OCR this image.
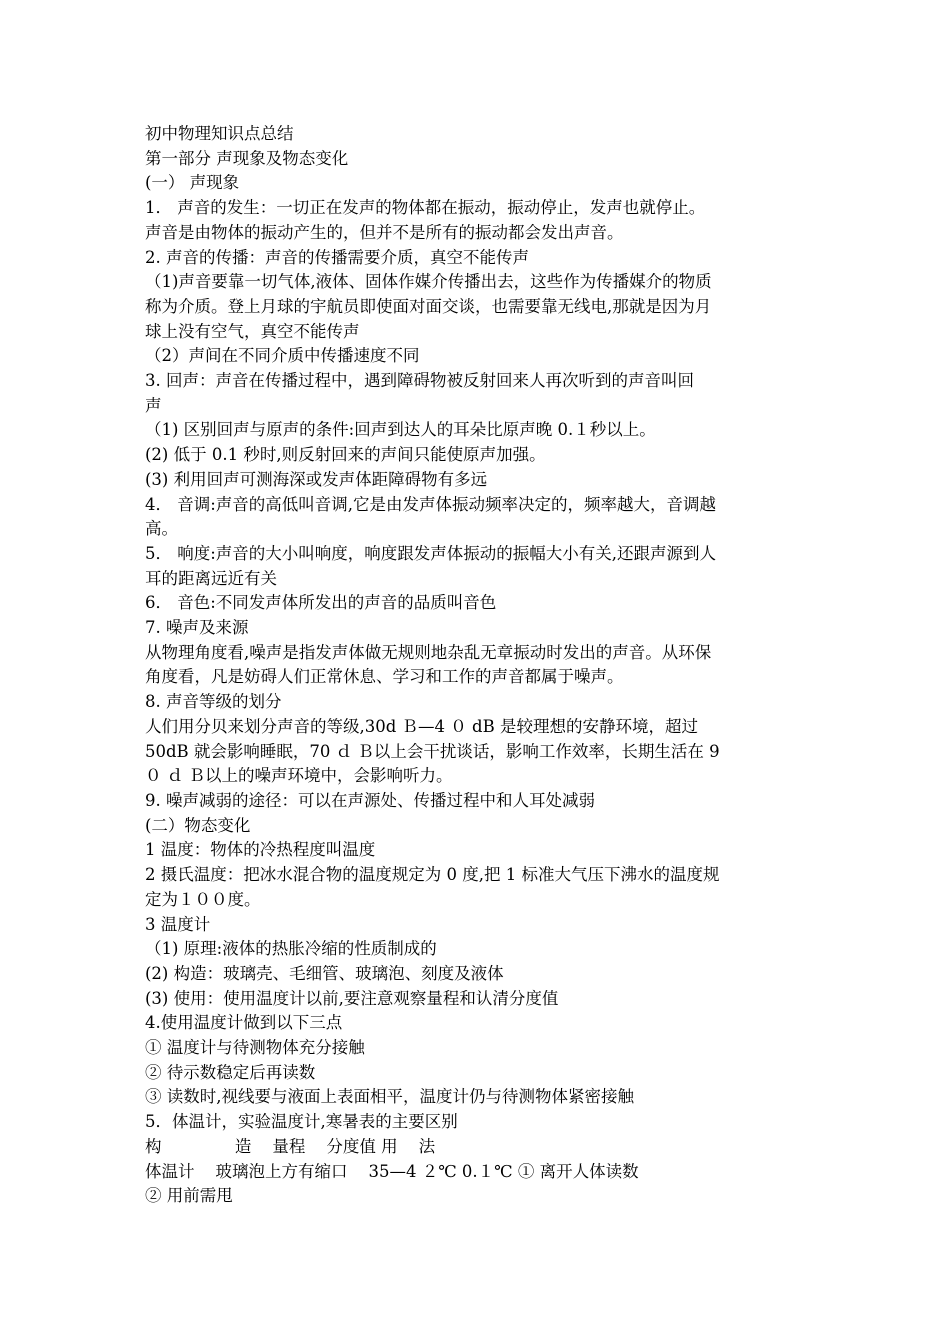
初中物理知识点总结
第一部分 声现象及物态变化
(一） 声现象
1． 声音的发生：一切正在发声的物体都在振动，振动停止，发声也就停止。
声音是由物体的振动产生的，但并不是所有的振动都会发出声音。
2. 声音的传播：声音的传播需要介质，真空不能传声
（1)声音要靠一切气体,液体、固体作媒介传播出去，这些作为传播媒介的物质
称为介质。登上月球的宇航员即使面对面交谈，也需要靠无线电,那就是因为月
球上没有空气，真空不能传声
（2）声间在不同介质中传播速度不同
3. 回声：声音在传播过程中，遇到障碍物被反射回来人再次听到的声音叫回
声
（1) 区别回声与原声的条件:回声到达人的耳朵比原声晚 0.１秒以上。
(2) 低于 0.1 秒时,则反射回来的声间只能使原声加强。
(3) 利用回声可测海深或发声体距障碍物有多远
4． 音调:声音的高低叫音调,它是由发声体振动频率决定的，频率越大，音调越
高。
5． 响度:声音的大小叫响度，响度跟发声体振动的振幅大小有关,还跟声源到人
耳的距离远近有关
6． 音色:不同发声体所发出的声音的品质叫音色
7. 噪声及来源
从物理角度看,噪声是指发声体做无规则地杂乱无章振动时发出的声音。从环保
角度看，凡是妨碍人们正常休息、学习和工作的声音都属于噪声。
8. 声音等级的划分
人们用分贝来划分声音的等级,30d Ｂ—4 ０ dB 是较理想的安静环境，超过
50dB 就会影响睡眠，70 ｄ Ｂ以上会干扰谈话，影响工作效率，长期生活在 9
０ ｄ Ｂ以上的噪声环境中，会影响听力。
9. 噪声减弱的途径：可以在声源处、传播过程中和人耳处减弱
(二）物态变化
1 温度：物体的冷热程度叫温度
2 摄氏温度：把冰水混合物的温度规定为 0 度,把 1 标准大气压下沸水的温度规
定为１００度。
3 温度计
（1) 原理:液体的热胀冷缩的性质制成的
(2) 构造：玻璃壳、毛细管、玻璃泡、刻度及液体
(3) 使用：使用温度计以前,要注意观察量程和认清分度值
4.使用温度计做到以下三点
① 温度计与待测物体充分接触
② 待示数稳定后再读数
③ 读数时,视线要与液面上表面相平，温度计仍与待测物体紧密接触
5．体温计，实验温度计,寒暑表的主要区别
构              造    量程    分度值 用    法
体温计    玻璃泡上方有缩口    35—4 ２℃ 0.１℃ ① 离开人体读数
② 用前需甩
